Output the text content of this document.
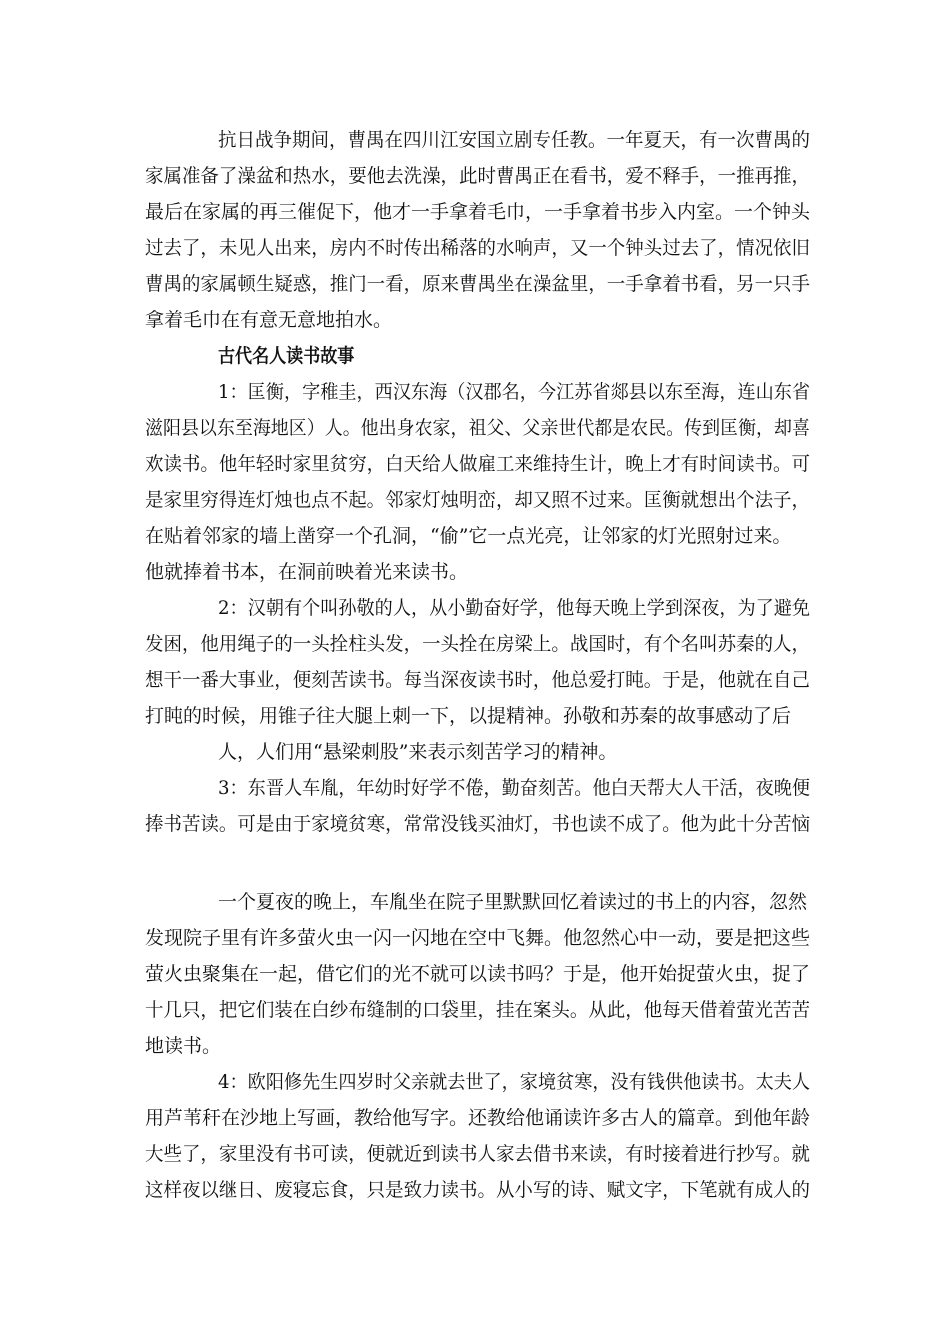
抗日战争期间，曹禺在四川江安国立剧专任教。一年夏天，有一次曹禺的
家属准备了澡盆和热水，要他去洗澡，此时曹禺正在看书，爱不释手，一推再推，
最后在家属的再三催促下，他才一手拿着毛巾，一手拿着书步入内室。一个钟头
过去了，未见人出来，房内不时传出稀落的水响声，又一个钟头过去了，情况依旧
曹禺的家属顿生疑惑，推门一看，原来曹禺坐在澡盆里，一手拿着书看，另一只手
拿着毛巾在有意无意地拍水。
古代名人读书故事
1：匡衡，字稚圭，西汉东海（汉郡名，今江苏省郯县以东至海，连山东省
滋阳县以东至海地区）人。他出身农家，祖父、父亲世代都是农民。传到匡衡，却喜
欢读书。他年轻时家里贫穷，白天给人做雇工来维持生计，晚上才有时间读书。可
是家里穷得连灯烛也点不起。邻家灯烛明峦，却又照不过来。匡衡就想出个法子，
在贴着邻家的墙上凿穿一个孔洞，“偷”它一点光亮，让邻家的灯光照射过来。
他就捧着书本，在洞前映着光来读书。
2：汉朝有个叫孙敬的人，从小勤奋好学，他每天晚上学到深夜，为了避免
发困，他用绳子的一头拴柱头发，一头拴在房梁上。战国时，有个名叫苏秦的人，
想干一番大事业，便刻苦读书。每当深夜读书时，他总爱打盹。于是，他就在自己
打盹的时候，用锥子往大腿上刺一下，以提精神。孙敬和苏秦的故事感动了后
人，人们用“悬梁刺股”来表示刻苦学习的精神。
3：东晋人车胤，年幼时好学不倦，勤奋刻苦。他白天帮大人干活，夜晚便
捧书苦读。可是由于家境贫寒，常常没钱买油灯，书也读不成了。他为此十分苦恼
一个夏夜的晚上，车胤坐在院子里默默回忆着读过的书上的内容，忽然
发现院子里有许多萤火虫一闪一闪地在空中飞舞。他忽然心中一动，要是把这些
萤火虫聚集在一起，借它们的光不就可以读书吗？于是，他开始捉萤火虫，捉了
十几只，把它们装在白纱布缝制的口袋里，挂在案头。从此，他每天借着萤光苦苦
地读书。
4：欧阳修先生四岁时父亲就去世了，家境贫寒，没有钱供他读书。太夫人
用芦苇秆在沙地上写画，教给他写字。还教给他诵读许多古人的篇章。到他年龄
大些了，家里没有书可读，便就近到读书人家去借书来读，有时接着进行抄写。就
这样夜以继日、废寝忘食，只是致力读书。从小写的诗、赋文字，下笔就有成人的
